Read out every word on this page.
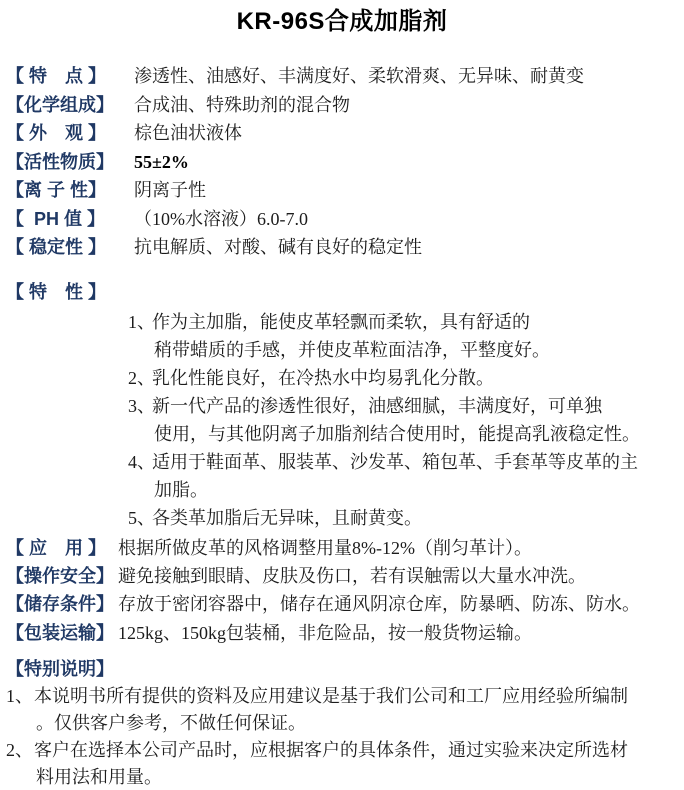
KR-96S合成加脂剂
【 特　点 】	渗透性、油感好、丰满度好、柔软滑爽、无异味、耐黄变
【化学组成】 合成油、特殊助剂的混合物
【 外　观 】	棕色油状液体
【活性物质】 55±2%
【离 子 性】	阴离子性
【  PH 值 】	（10%水溶液）6.0-7.0
【 稳定性 】	抗电解质、对酸、碱有良好的稳定性
【 特　性 】
1、作为主加脂，能使皮革轻飘而柔软，具有舒适的
稍带蜡质的手感，并使皮革粒面洁净，平整度好。
2、乳化性能良好，在冷热水中均易乳化分散。
3、新一代产品的渗透性很好，油感细腻，丰满度好，可单独
使用，与其他阴离子加脂剂结合使用时，能提高乳液稳定性。
4、适用于鞋面革、服装革、沙发革、箱包革、手套革等皮革的主
加脂。
5、各类革加脂后无异味，且耐黄变。
【 应　用 】 根据所做皮革的风格调整用量8%-12%（削匀革计）。
【操作安全】 避免接触到眼睛、皮肤及伤口，若有误触需以大量水冲洗。
【储存条件】 存放于密闭容器中，储存在通风阴凉仓库，防暴晒、防冻、防水。
【包装运输】 125kg、150kg包装桶，非危险品，按一般货物运输。
【特别说明】
1、本说明书所有提供的资料及应用建议是基于我们公司和工厂应用经验所编制
。仅供客户参考，不做任何保证。
2、客户在选择本公司产品时，应根据客户的具体条件，通过实验来决定所选材
料用法和用量。
